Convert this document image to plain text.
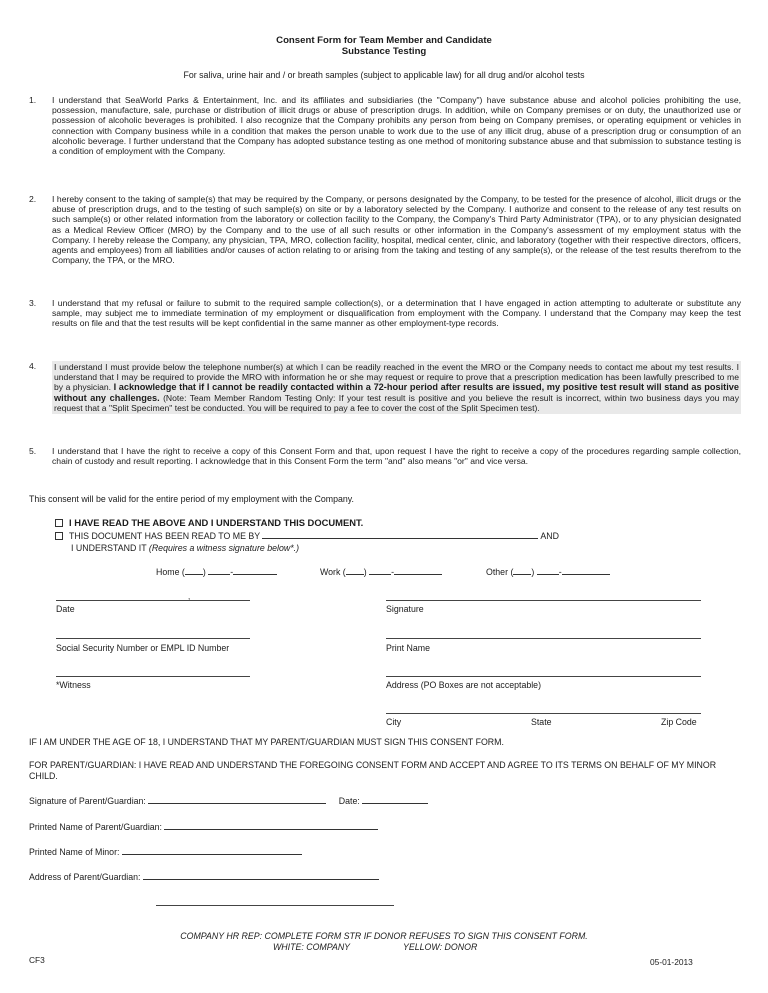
Consent Form for Team Member and Candidate
Substance Testing
For saliva, urine hair and / or breath samples (subject to applicable law) for all drug and/or alcohol tests
1. I understand that SeaWorld Parks & Entertainment, Inc. and its affiliates and subsidiaries (the "Company") have substance abuse and alcohol policies prohibiting the use, possession, manufacture, sale, purchase or distribution of illicit drugs or abuse of prescription drugs. In addition, while on Company premises or on duty, the unauthorized use or possession of alcoholic beverages is prohibited. I also recognize that the Company prohibits any person from being on Company premises, or operating equipment or vehicles in connection with Company business while in a condition that makes the person unable to work due to the use of any illicit drug, abuse of a prescription drug or consumption of an alcoholic beverage. I further understand that the Company has adopted substance testing as one method of monitoring substance abuse and that submission to substance testing is a condition of employment with the Company.
2. I hereby consent to the taking of sample(s) that may be required by the Company, or persons designated by the Company, to be tested for the presence of alcohol, illicit drugs or the abuse of prescription drugs, and to the testing of such sample(s) on site or by a laboratory selected by the Company. I authorize and consent to the release of any test results on such sample(s) or other related information from the laboratory or collection facility to the Company, the Company's Third Party Administrator (TPA), or to any physician designated as a Medical Review Officer (MRO) by the Company and to the use of all such results or other information in the Company's assessment of my employment status with the Company. I hereby release the Company, any physician, TPA, MRO, collection facility, hospital, medical center, clinic, and laboratory (together with their respective directors, officers, agents and employees) from all liabilities and/or causes of action relating to or arising from the taking and testing of any sample(s), or the release of the test results therefrom to the Company, the TPA, or the MRO.
3. I understand that my refusal or failure to submit to the required sample collection(s), or a determination that I have engaged in action attempting to adulterate or substitute any sample, may subject me to immediate termination of my employment or disqualification from employment with the Company. I understand that the Company may keep the test results on file and that the test results will be kept confidential in the same manner as other employment-type records.
4. I understand I must provide below the telephone number(s) at which I can be readily reached in the event the MRO or the Company needs to contact me about my test results. I understand that I may be required to provide the MRO with information he or she may request or require to prove that a prescription medication has been lawfully prescribed to me by a physician. I acknowledge that if I cannot be readily contacted within a 72-hour period after results are issued, my positive test result will stand as positive without any challenges. (Note: Team Member Random Testing Only: If your test result is positive and you believe the result is incorrect, within two business days you may request that a "Split Specimen" test be conducted. You will be required to pay a fee to cover the cost of the Split Specimen test).
5. I understand that I have the right to receive a copy of this Consent Form and that, upon request I have the right to receive a copy of the procedures regarding sample collection, chain of custody and result reporting. I acknowledge that in this Consent Form the term "and" also means "or" and vice versa.
This consent will be valid for the entire period of my employment with the Company.
I HAVE READ THE ABOVE AND I UNDERSTAND THIS DOCUMENT.
THIS DOCUMENT HAS BEEN READ TO ME BY	AND
I UNDERSTAND IT (Requires a witness signature below*.)
Home ( )	-	Work ( )	-	Other ( )	-
,
Date	Signature
Social Security Number or EMPL ID Number	Print Name
*Witness	Address (PO Boxes are not acceptable)
City	State	Zip Code
IF I AM UNDER THE AGE OF 18, I UNDERSTAND THAT MY PARENT/GUARDIAN MUST SIGN THIS CONSENT FORM.
FOR PARENT/GUARDIAN: I HAVE READ AND UNDERSTAND THE FOREGOING CONSENT FORM AND ACCEPT AND AGREE TO ITS TERMS ON BEHALF OF MY MINOR CHILD.
Signature of Parent/Guardian:	Date:
Printed Name of Parent/Guardian:
Printed Name of Minor:
Address of Parent/Guardian:
COMPANY HR REP: COMPLETE FORM STR IF DONOR REFUSES TO SIGN THIS CONSENT FORM.
WHITE: COMPANY	YELLOW: DONOR
CF3	05-01-2013
